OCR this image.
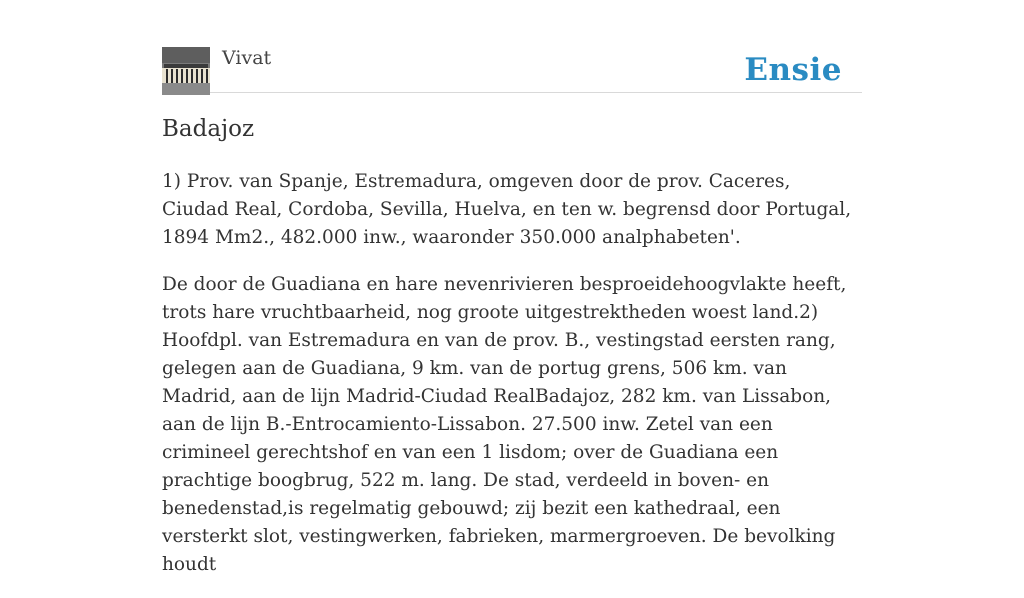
Vivat	Ensie
Badajoz

1) Prov. van Spanje, Estremadura, omgeven door de prov. Caceres, Ciudad Real, Cordoba, Sevilla, Huelva, en ten w. begrensd door Portugal, 1894 Mm2., 482.000 inw., waaronder 350.000 analphabeten'.

De door de Guadiana en hare nevenrivieren besproeidehoogvlakte heeft, trots hare vruchtbaarheid, nog groote uitgestrektheden woest land.2) Hoofdpl. van Estremadura en van de prov. B., vestingstad eersten rang, gelegen aan de Guadiana, 9 km. van de portug grens, 506 km. van Madrid, aan de lijn Madrid-Ciudad RealBadajoz, 282 km. van Lissabon, aan de lijn B.-Entrocamiento-Lissabon. 27.500 inw. Zetel van een crimineel gerechtshof en van een 1 lisdom; over de Guadiana een prachtige boogbrug, 522 m. lang. De stad, verdeeld in boven- en benedenstad,is regelmatig gebouwd; zij bezit een kathedraal, een versterkt slot, vestingwerken, fabrieken, marmergroeven. De bevolking houdt
